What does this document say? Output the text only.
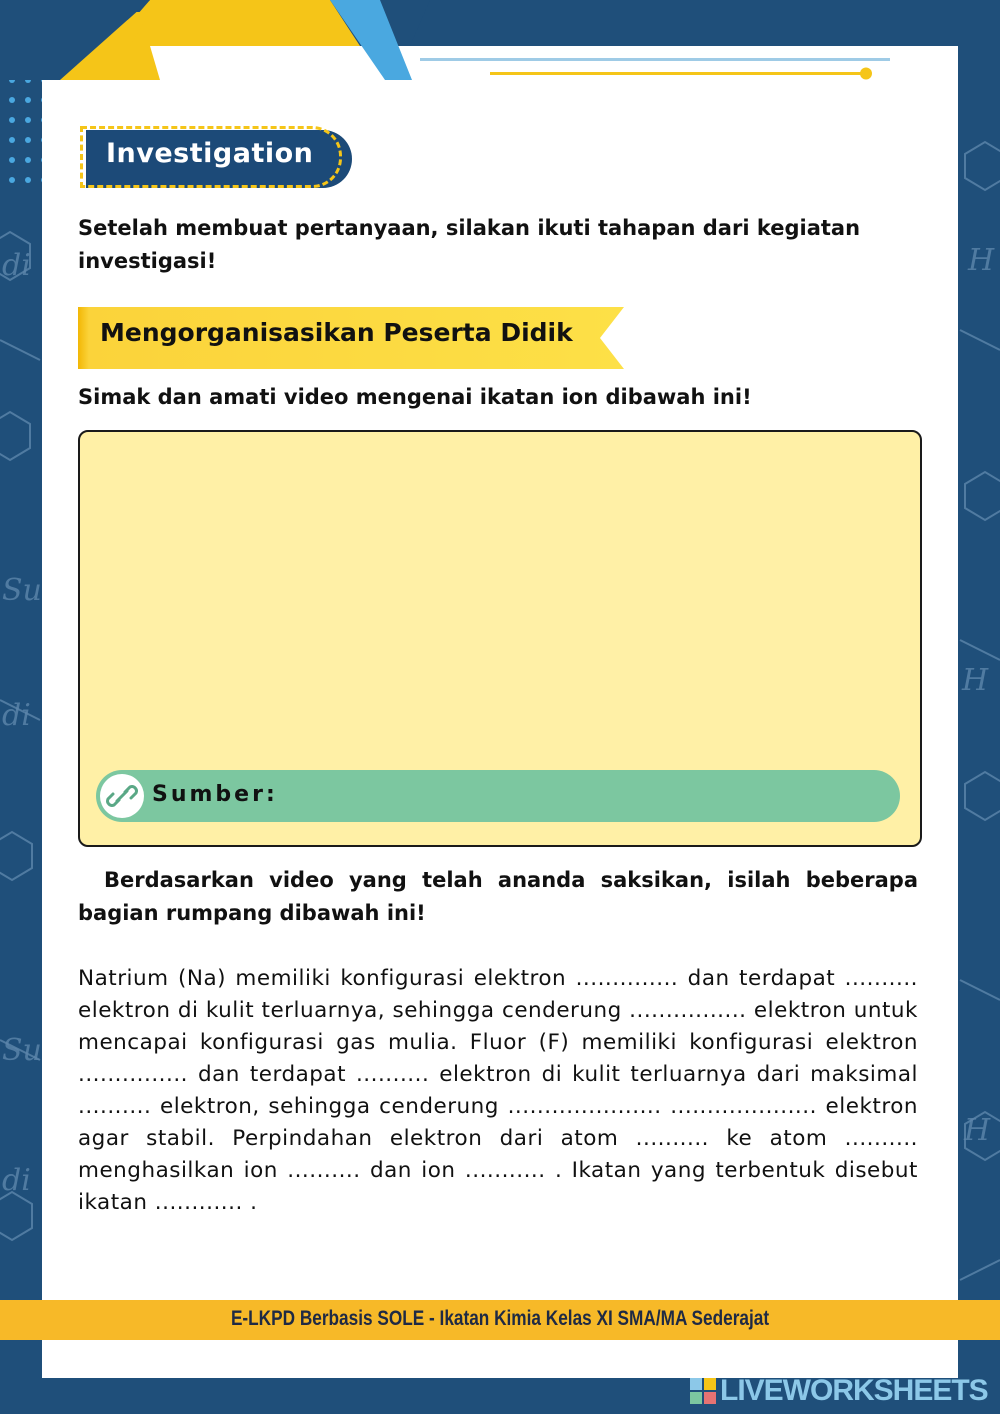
H
H
H
Su
Su
di
di
di
Investigation
Setelah membuat pertanyaan, silakan ikuti tahapan dari kegiatan investigasi!
Mengorganisasikan Peserta Didik
Simak dan amati video mengenai ikatan ion dibawah ini!
Sumber:
Berdasarkan video yang telah ananda saksikan, isilah beberapa bagian rumpang dibawah ini!
Natrium (Na) memiliki konfigurasi elektron .............. dan terdapat .......... elektron di kulit terluarnya, sehingga cenderung ................ elektron untuk mencapai konfigurasi gas mulia. Fluor (F) memiliki konfigurasi elektron ............... dan terdapat .......... elektron di kulit terluarnya dari maksimal .......... elektron, sehingga cenderung ..................... .................... elektron agar stabil. Perpindahan elektron dari atom .......... ke atom .......... menghasilkan ion .......... dan ion ........... . Ikatan yang terbentuk disebut ikatan ............ .
E-LKPD Berbasis SOLE - Ikatan Kimia Kelas XI SMA/MA Sederajat
LIVEWORKSHEETS
